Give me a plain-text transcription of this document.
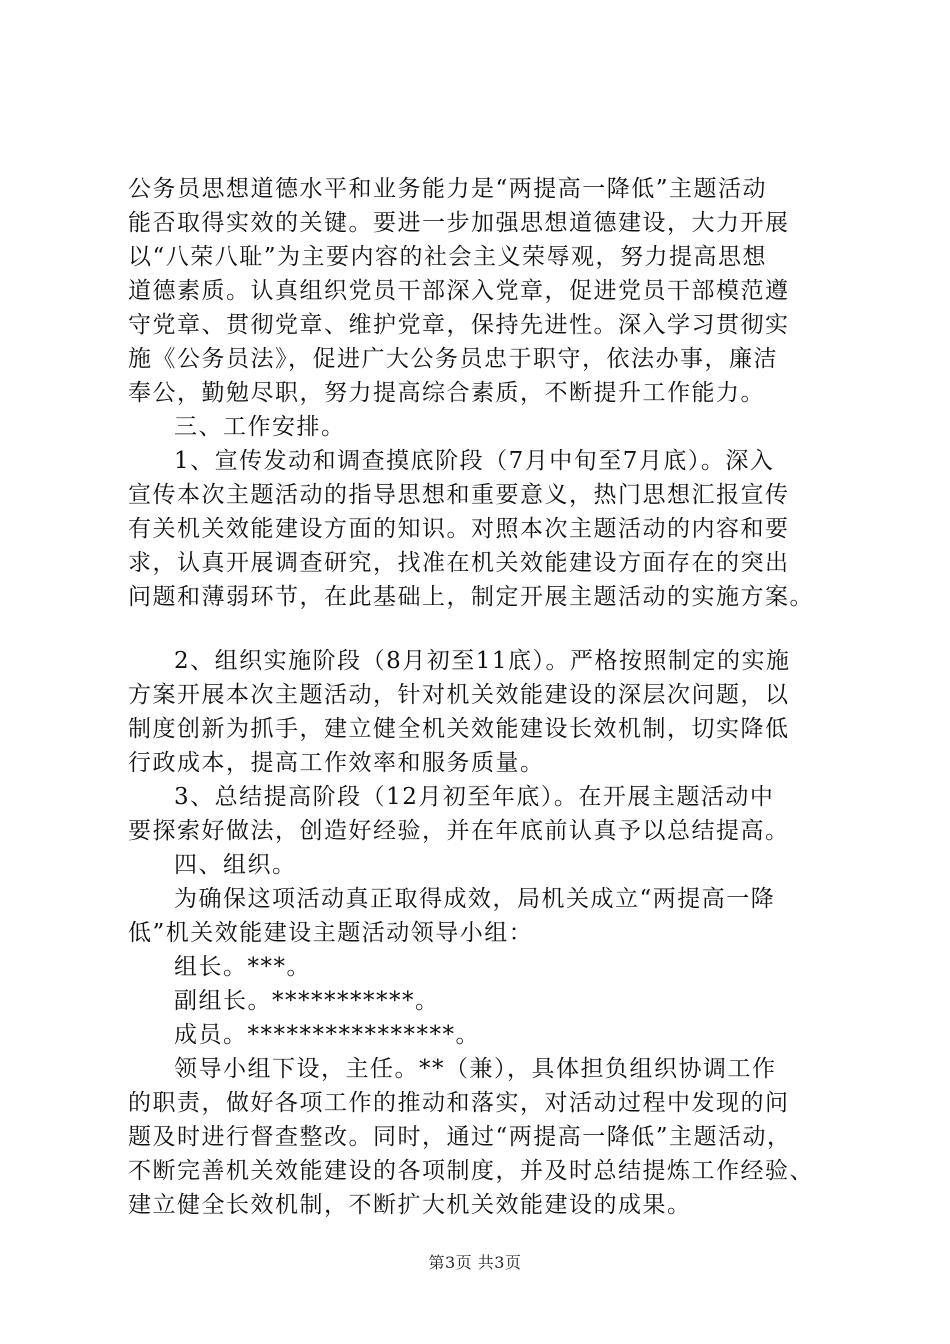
公务员思想道德水平和业务能力是“两提高一降低”主题活动
能否取得实效的关键。要进一步加强思想道德建设，大力开展
以“八荣八耻”为主要内容的社会主义荣辱观，努力提高思想
道德素质。认真组织党员干部深入党章，促进党员干部模范遵
守党章、贯彻党章、维护党章，保持先进性。深入学习贯彻实
施《公务员法》，促进广大公务员忠于职守，依法办事，廉洁
奉公，勤勉尽职，努力提高综合素质，不断提升工作能力。
三、工作安排。
1、宣传发动和调查摸底阶段（7月中旬至7月底）。深入
宣传本次主题活动的指导思想和重要意义，热门思想汇报宣传
有关机关效能建设方面的知识。对照本次主题活动的内容和要
求，认真开展调查研究，找准在机关效能建设方面存在的突出
问题和薄弱环节，在此基础上，制定开展主题活动的实施方案。
2、组织实施阶段（8月初至11底）。严格按照制定的实施
方案开展本次主题活动，针对机关效能建设的深层次问题，以
制度创新为抓手，建立健全机关效能建设长效机制，切实降低
行政成本，提高工作效率和服务质量。
3、总结提高阶段（12月初至年底）。在开展主题活动中
要探索好做法，创造好经验，并在年底前认真予以总结提高。
四、组织。
为确保这项活动真正取得成效，局机关成立“两提高一降
低”机关效能建设主题活动领导小组：
组长。***。
副组长。***********。
成员。****************。
领导小组下设，主任。**（兼），具体担负组织协调工作
的职责，做好各项工作的推动和落实，对活动过程中发现的问
题及时进行督查整改。同时，通过“两提高一降低”主题活动，
不断完善机关效能建设的各项制度，并及时总结提炼工作经验、
建立健全长效机制，不断扩大机关效能建设的成果。
第3页 共3页
